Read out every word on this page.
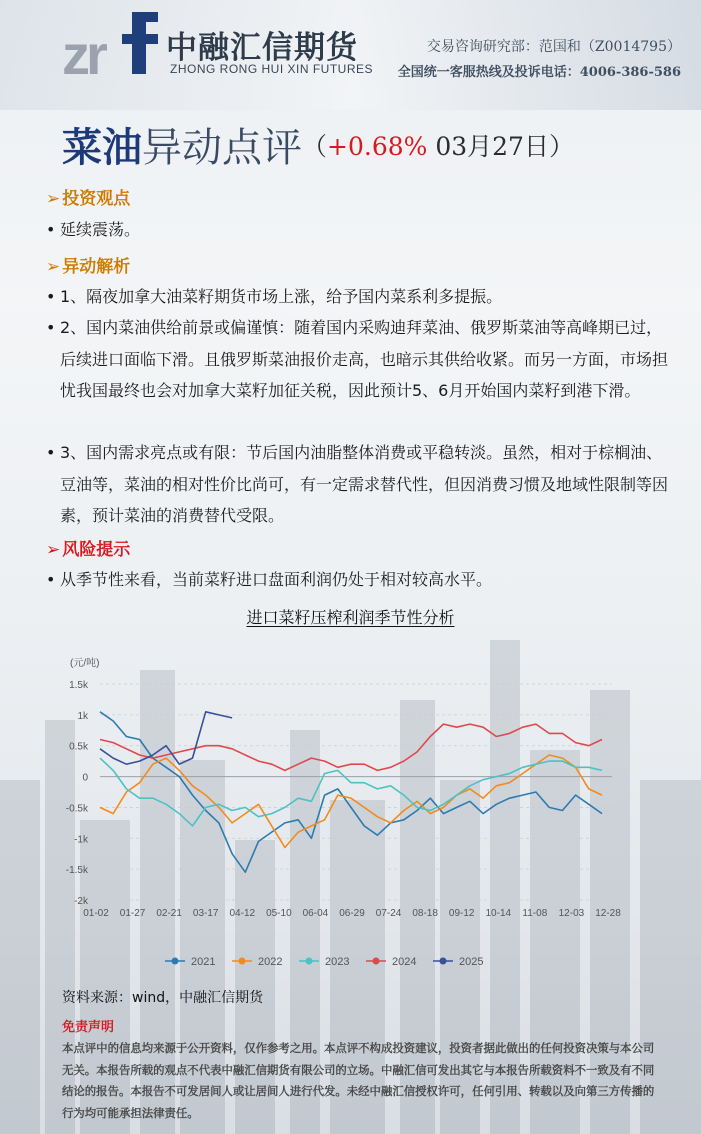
zr 中融汇信期货
ZHONG RONG HUI XIN FUTURES
交易咨询研究部：范国和（Z0014795）
全国统一客服热线及投诉电话：4006-386-586
菜油异动点评（+0.68% 03月27日）
➢ 投资观点
• 延续震荡。
➢ 异动解析
• 1、隔夜加拿大油菜籽期货市场上涨，给予国内菜系利多提振。
• 2、国内菜油供给前景或偏谨慎：随着国内采购迪拜菜油、俄罗斯菜油等高峰期已过，后续进口面临下滑。且俄罗斯菜油报价走高，也暗示其供给收紧。而另一方面，市场担忧我国最终也会对加拿大菜籽加征关税，因此预计5、6月开始国内菜籽到港下滑。
• 3、国内需求亮点或有限：节后国内油脂整体消费或平稳转淡。虽然，相对于棕榈油、豆油等，菜油的相对性价比尚可，有一定需求替代性，但因消费习惯及地域性限制等因素，预计菜油的消费替代受限。
➢ 风险提示
• 从季节性来看，当前菜籽进口盘面利润仍处于相对较高水平。
进口菜籽压榨利润季节性分析
(元/吨)
1.5k
1k
0.5k
0
-0.5k
-1k
-1.5k
-2k
01-02 01-27 02-21 03-17 04-12 05-10 06-04 06-29 07-24 08-18 09-12 10-14 11-08 12-03 12-28
2021	2022	2023	2024	2025
资料来源：wind，中融汇信期货
免责声明
本点评中的信息均来源于公开资料，仅作参考之用。本点评不构成投资建议，投资者据此做出的任何投资决策与本公司无关。本报告所载的观点不代表中融汇信期货有限公司的立场。中融汇信可发出其它与本报告所载资料不一致及有不同结论的报告。本报告不可发居间人或让居间人进行代发。未经中融汇信授权许可，任何引用、转载以及向第三方传播的行为均可能承担法律责任。
